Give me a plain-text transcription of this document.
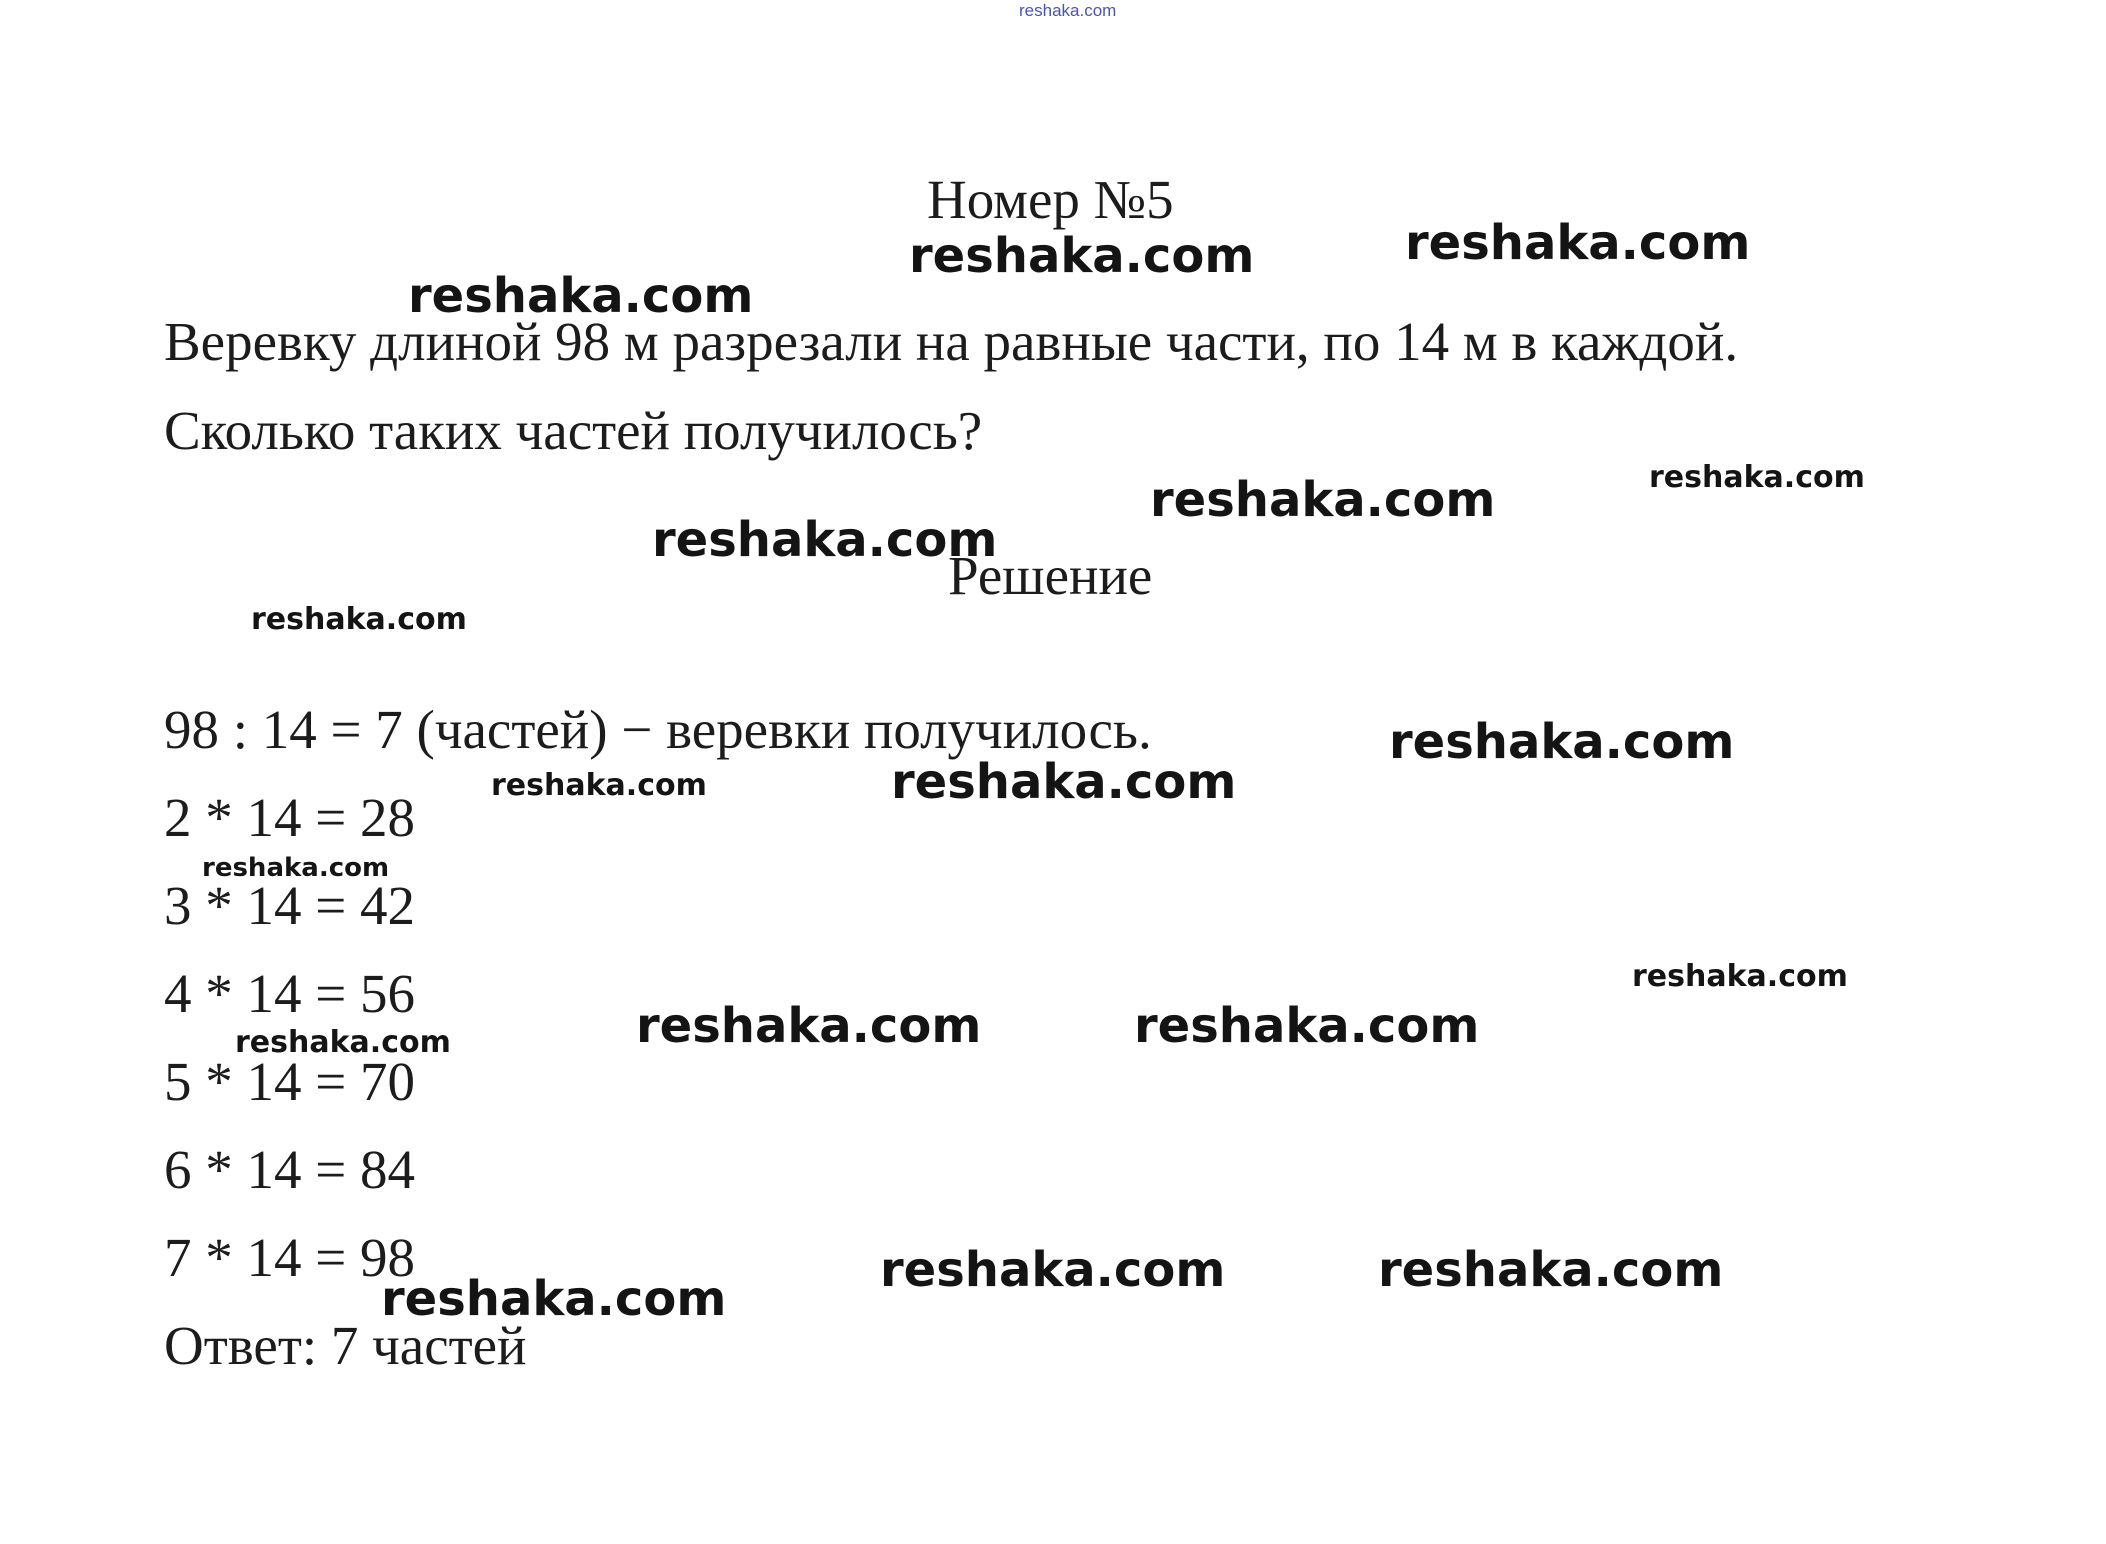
reshaka.com
Номер №5

Веревку длиной 98 м разрезали на равные части, по 14 м в каждой.

Сколько таких частей получилось?

Решение

98 : 14 = 7 (частей) − веревки получилось.

2 * 14 = 28

3 * 14 = 42

4 * 14 = 56

5 * 14 = 70

6 * 14 = 84

7 * 14 = 98

Ответ: 7 частей

reshaka.com	reshaka.com
reshaka.com
reshaka.com	reshaka.com
reshaka.com
reshaka.com
reshaka.com
reshaka.com	reshaka.com
reshaka.com
reshaka.com
reshaka.com	reshaka.com
reshaka.com
reshaka.com	reshaka.com
reshaka.com
